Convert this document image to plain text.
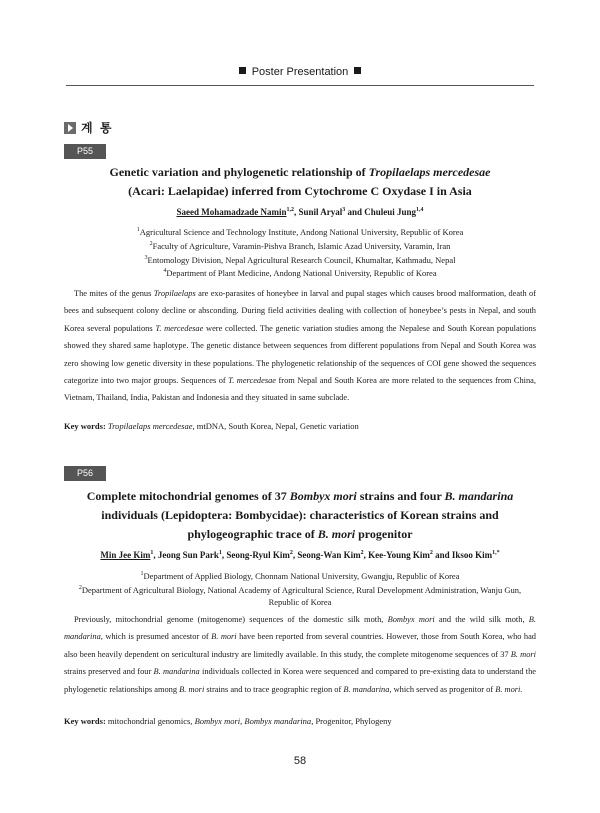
Poster Presentation
계 통
P55
Genetic variation and phylogenetic relationship of Tropilaelaps mercedesae
(Acari: Laelapidae) inferred from Cytochrome C Oxydase I in Asia
Saeed Mohamadzade Namin$^{1,2}$, Sunil Aryal$^3$ and Chuleui Jung$^{1,4}$
$^1$Agricultural Science and Technology Institute, Andong National University, Republic of Korea
$^2$Faculty of Agriculture, Varamin-Pishva Branch, Islamic Azad University, Varamin, Iran
$^3$Entomology Division, Nepal Agricultural Research Council, Khumaltar, Kathmadu, Nepal
$^4$Department of Plant Medicine, Andong National University, Republic of Korea

The mites of the genus Tropilaelaps are exo-parasites of honeybee in larval and pupal stages which causes brood malformation, death of bees and subsequent colony decline or absconding. During field activities dealing with collection of honeybee’s pests in Nepal, and south Korea several populations T. mercedesae were collected. The genetic variation studies among the Nepalese and South Korean populations showed they shared same haplotype. The genetic distance between sequences from different populations from Nepal and South Korea was zero showing low genetic diversity in these populations. The phylogenetic relationship of the sequences of COI gene showed the sequences categorize into two major groups. Sequences of T. mercedesae from Nepal and South Korea are more related to the sequences from China, Vietnam, Thailand, India, Pakistan and Indonesia and they situated in same subclade.

Key words: Tropilaelaps mercedesae, mtDNA, South Korea, Nepal, Genetic variation
P56
Complete mitochondrial genomes of 37 Bombyx mori strains and four B. mandarina individuals (Lepidoptera: Bombycidae): characteristics of Korean strains and phylogeographic trace of B. mori progenitor
Min Jee Kim$^1$, Jeong Sun Park$^1$, Seong-Ryul Kim$^2$, Seong-Wan Kim$^2$, Kee-Young Kim$^2$ and Iksoo Kim$^{1,*}$
$^1$Department of Applied Biology, Chonnam National University, Gwangju, Republic of Korea
$^2$Department of Agricultural Biology, National Academy of Agricultural Science, Rural Development Administration, Wanju Gun, Republic of Korea

Previously, mitochondrial genome (mitogenome) sequences of the domestic silk moth, Bombyx mori and the wild silk moth, B. mandarina, which is presumed ancestor of B. mori have been reported from several countries. However, those from South Korea, who had also been heavily dependent on sericultural industry are limitedly available. In this study, the complete mitogenome sequences of 37 B. mori strains preserved and four B. mandarina individuals collected in Korea were sequenced and compared to pre-existing data to understand the phylogenetic relationships among B. mori strains and to trace geographic region of B. mandarina, which served as progenitor of B. mori.

Key words: mitochondrial genomics, Bombyx mori, Bombyx mandarina, Progenitor, Phylogeny
58
